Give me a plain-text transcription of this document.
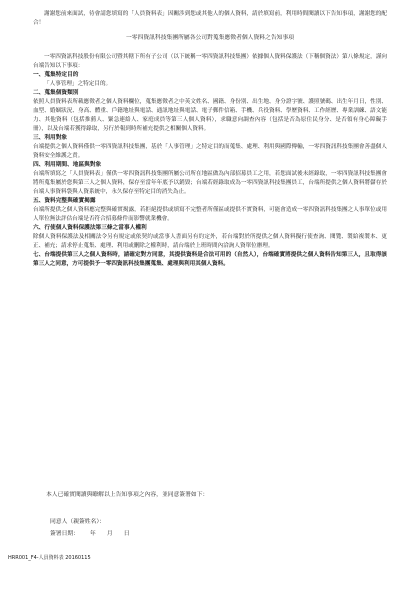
謝謝您前來面試，待會請您填寫的「人員資料表」因關涉到您或其他人的個人資料，請於填寫前，利用時間閱讀以下告知事項，謝謝您的配合！

一零四資訊科技集團所屬各公司對蒐集應徵者個人資料之告知事項

一零四資訊科技股份有限公司暨其轄下所有子公司（以下統稱一零四資訊科技集團）依據個人資料保護法（下稱個資法）第八條規定，謹向台端告知以下事項：

一、蒐集特定目的

「人事管理」之特定目的。

二、蒐集個資類別

依照人員資料表所載應徵者之個人資料欄位，蒐集應徵者之中英文姓名、國籍、身份別、出生地、身分證字號、護照號碼、出生年月日，性別、血型、婚姻狀況、身高、體重、戶籍地址與電話、通訊地址與電話、電子郵件信箱、手機、兵役資料、學歷資料、工作經歷、專業訓練、語文能力、其他資料（包括推薦人、緊急連絡人、家庭成員等第三人個人資料），求職意向調查內容（包括是否為原住民身分、是否領有身心障礙手冊），以及台端若獲得錄取，另行於報到時所補充提供之相關個人資料。

三、利用對象

台端提供之個人資料僅供一零四資訊科技集團，基於「人事管理」之特定目的而蒐集、處理、利用與國際傳輸，一零四資訊科技集團會善盡個人資料安全維護之責。

四、利用期間、地區與對象

台端所填寫之「人員資料表」僅供一零四資訊科技集團所屬公司所在地區做為內部招募員工之用，若您面試後未經錄取，一零四資訊科技集團會將所蒐集屬於您與第三人之個人資料，保存至當年年底予以銷毀；台端若經錄取成為一零四資訊科技集團員工，台端所提供之個人資料將儲存於台端人事資料袋與人資系統中，永久保存至特定目的消失為止。

五、資料完整與確實揭露

台端所提供之個人資料應完整與確實揭露，若拒絕提供或填寫不完整者所僅區或提供不實資料，可能會造成一零四資訊科技集團之人事單位或用人單位無法評估台端是否符合招募條件而影響就業機會。

六、行使個人資料保護法第三條之當事人權利

除個人資料保護法及相關法令另有規定或依契約或當事人書面另有約定外，若台端對於所提供之個人資料擬行使查詢、閱覽、製給複製本、更正、補充；請求停止蒐集、處理、利用或刪除之權利時，請台端於上班時間內洽詢人資單位辦理。

七、台端提供第三人之個人資料時，請確定對方同意，其提供資料是合法可用的（自然人），台端確實將提供之個人資料告知第三人，且取得該第三人之同意，方可提供予一零四資訊科技集團蒐集、處理與利用其個人資料。

本人已確實閱讀與瞭解以上告知事項之內容，並同意簽署如下：
同意人（親簽姓名）：
簽署日期：      年      月      日
HRR001_F4-人員資料表 20160115
